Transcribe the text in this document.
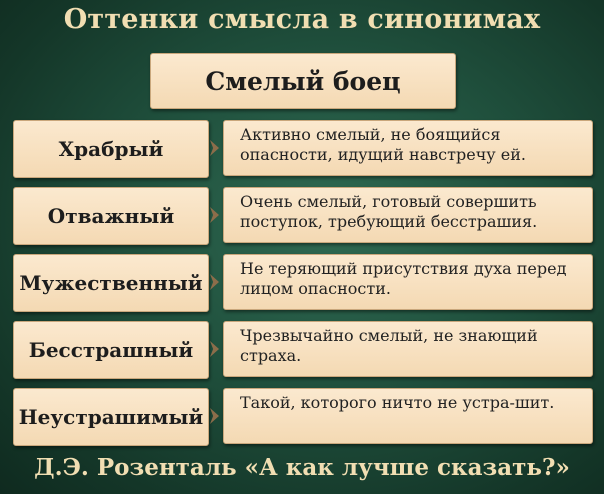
Оттенки смысла в синонимах
Смелый боец
Храбрый
Активно смелый, не боящийся опасности, идущий навстречу ей.
Отважный
Очень смелый, готовый совершить поступок, требующий бесстрашия.
Мужественный
Не теряющий присутствия духа перед лицом опасности.
Бесстрашный
Чрезвычайно смелый, не знающий страха.
Неустрашимый
Такой, которого ничто не устра-шит.
Д.Э. Розенталь «А как лучше сказать?»
